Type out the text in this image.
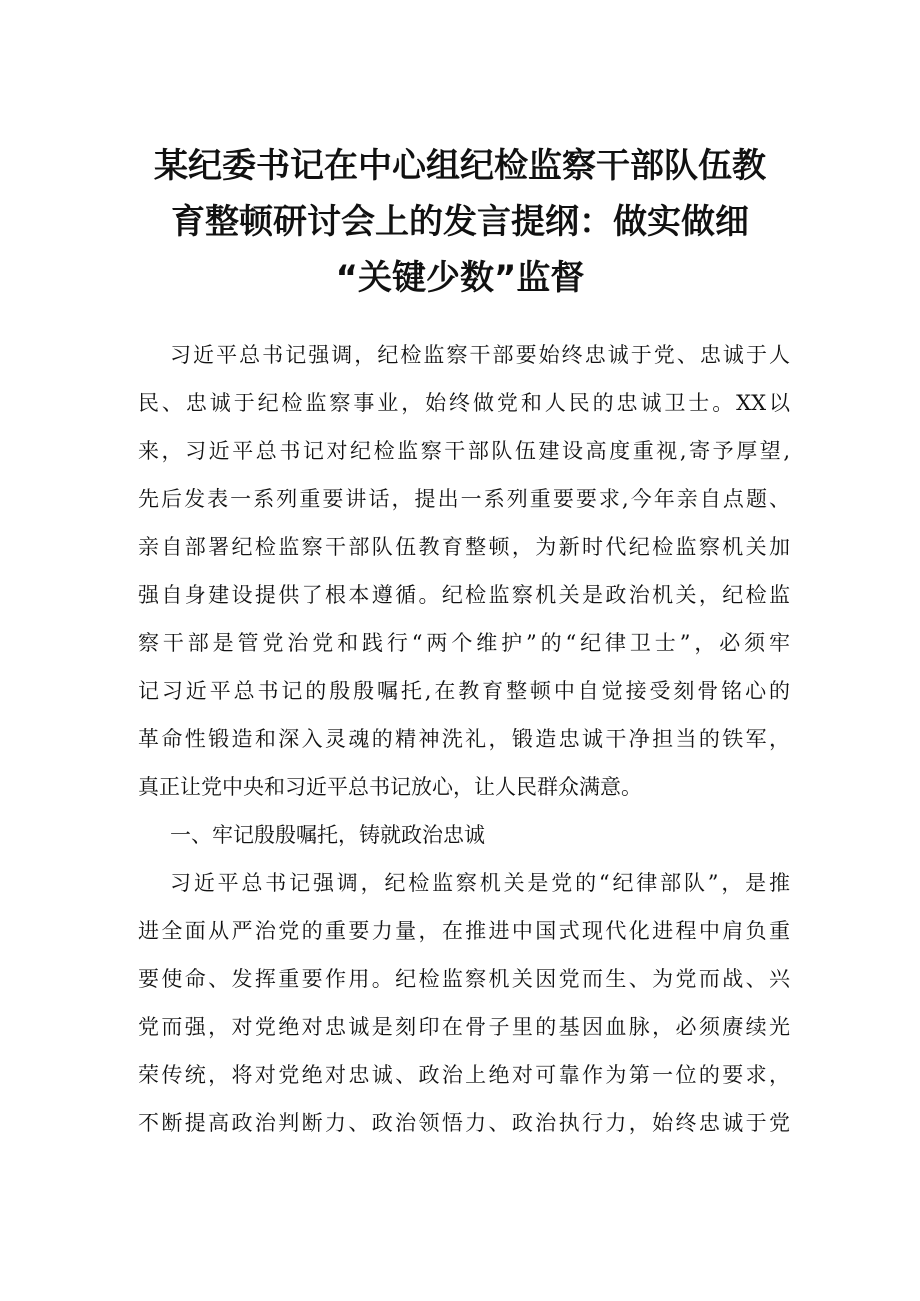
某纪委书记在中心组纪检监察干部队伍教
育整顿研讨会上的发言提纲：做实做细
“关键少数”监督
习近平总书记强调，纪检监察干部要始终忠诚于党、忠诚于人
民、忠诚于纪检监察事业，始终做党和人民的忠诚卫士。XX以
来，习近平总书记对纪检监察干部队伍建设高度重视,寄予厚望,
先后发表一系列重要讲话，提出一系列重要要求,今年亲自点题、
亲自部署纪检监察干部队伍教育整顿，为新时代纪检监察机关加
强自身建设提供了根本遵循。纪检监察机关是政治机关，纪检监
察干部是管党治党和践行“两个维护”的“纪律卫士”，必须牢
记习近平总书记的殷殷嘱托,在教育整顿中自觉接受刻骨铭心的
革命性锻造和深入灵魂的精神洗礼，锻造忠诚干净担当的铁军，
真正让党中央和习近平总书记放心，让人民群众满意。
一、牢记殷殷嘱托，铸就政治忠诚
习近平总书记强调，纪检监察机关是党的“纪律部队”，是推
进全面从严治党的重要力量，在推进中国式现代化进程中肩负重
要使命、发挥重要作用。纪检监察机关因党而生、为党而战、兴
党而强，对党绝对忠诚是刻印在骨子里的基因血脉，必须赓续光
荣传统，将对党绝对忠诚、政治上绝对可靠作为第一位的要求，
不断提高政治判断力、政治领悟力、政治执行力，始终忠诚于党
